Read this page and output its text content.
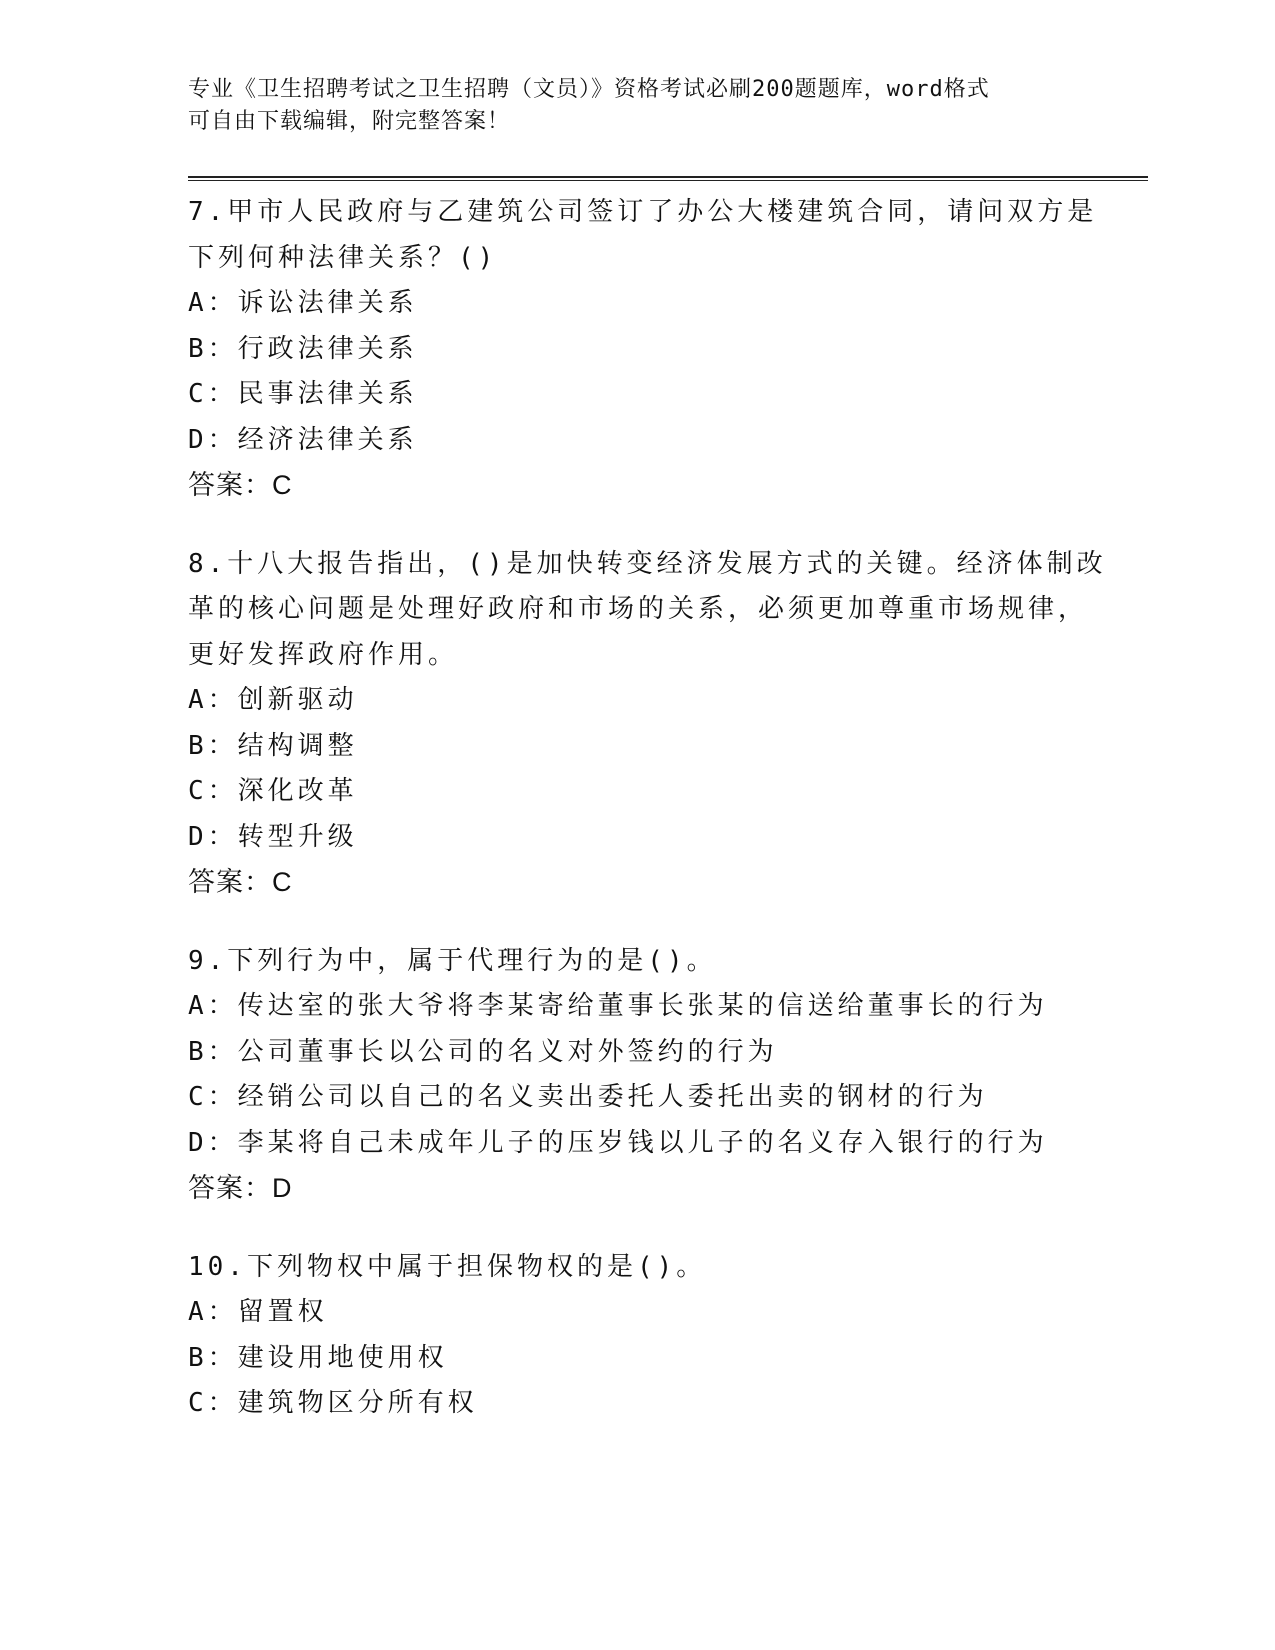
专业《卫生招聘考试之卫生招聘（文员）》资格考试必刷200题题库，word格式
可自由下载编辑，附完整答案！
7.甲市人民政府与乙建筑公司签订了办公大楼建筑合同，请问双方是
下列何种法律关系？()
A：诉讼法律关系
B：行政法律关系
C：民事法律关系
D：经济法律关系
答案：C
8.十八大报告指出，()是加快转变经济发展方式的关键。经济体制改
革的核心问题是处理好政府和市场的关系，必须更加尊重市场规律，
更好发挥政府作用。
A：创新驱动
B：结构调整
C：深化改革
D：转型升级
答案：C
9.下列行为中，属于代理行为的是()。
A：传达室的张大爷将李某寄给董事长张某的信送给董事长的行为
B：公司董事长以公司的名义对外签约的行为
C：经销公司以自己的名义卖出委托人委托出卖的钢材的行为
D：李某将自己未成年儿子的压岁钱以儿子的名义存入银行的行为
答案：D
10.下列物权中属于担保物权的是()。
A：留置权
B：建设用地使用权
C：建筑物区分所有权
